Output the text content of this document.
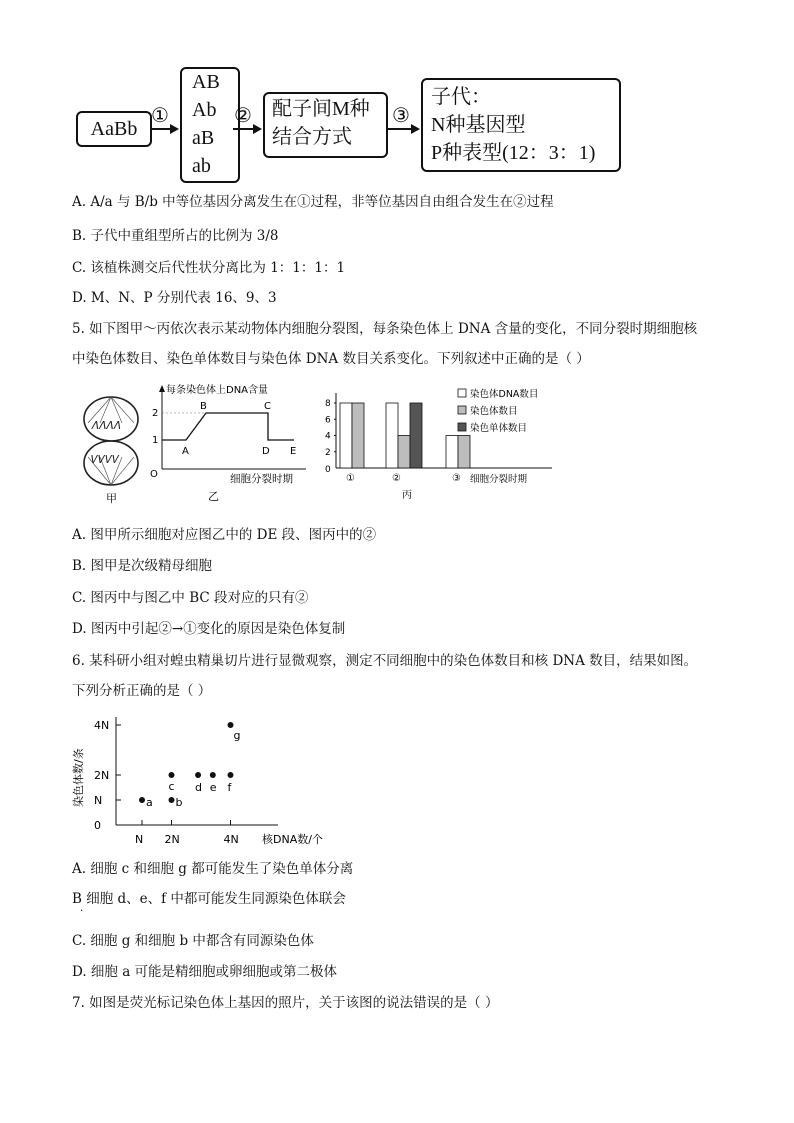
AaBb
①
AB
Ab
aB
ab
② 配子间M种
结合方式
③
子代：
N种基因型
P种表型(12：3：1)
A. A/a 与 B/b 中等位基因分离发生在①过程，非等位基因自由组合发生在②过程
B. 子代中重组型所占的比例为 3/8
C. 该植株测交后代性状分离比为 1：1：1：1
D. M、N、P 分别代表 16、9、3
5. 如下图甲～丙依次表示某动物体内细胞分裂图，每条染色体上 DNA 含量的变化，不同分裂时期细胞核
中染色体数目、染色单体数目与染色体 DNA 数目关系变化。下列叙述中正确的是（ ）
𝛬𝛬𝛬𝛬
𝑉𝑉𝑉𝑉
甲
每条染色体上DNA含量
O
1
2
A
B	C
D E
细胞分裂时期
乙
0
2
4
6
8
①	②	③ 细胞分裂时期
丙
染色体DNA数目
染色体数目
染色单体数目
A. 图甲所示细胞对应图乙中的 DE 段、图丙中的②
B. 图甲是次级精母细胞
C. 图丙中与图乙中 BC 段对应的只有②
D. 图丙中引起②→①变化的原因是染色体复制
6. 某科研小组对蝗虫精巢切片进行显微观察，测定不同细胞中的染色体数目和核 DNA 数目，结果如图。
下列分析正确的是（ ）
0
N
2N
4N
N 2N	4N
染色体数/条
核DNA数/个
a b
c d e f
g
A. 细胞 c 和细胞 g 都可能发生了染色单体分离
B 细胞 d、e、f 中都可能发生同源染色体联会
·
C. 细胞 g 和细胞 b 中都含有同源染色体
D. 细胞 a 可能是精细胞或卵细胞或第二极体
7. 如图是荧光标记染色体上基因的照片，关于该图的说法错误的是（ ）
